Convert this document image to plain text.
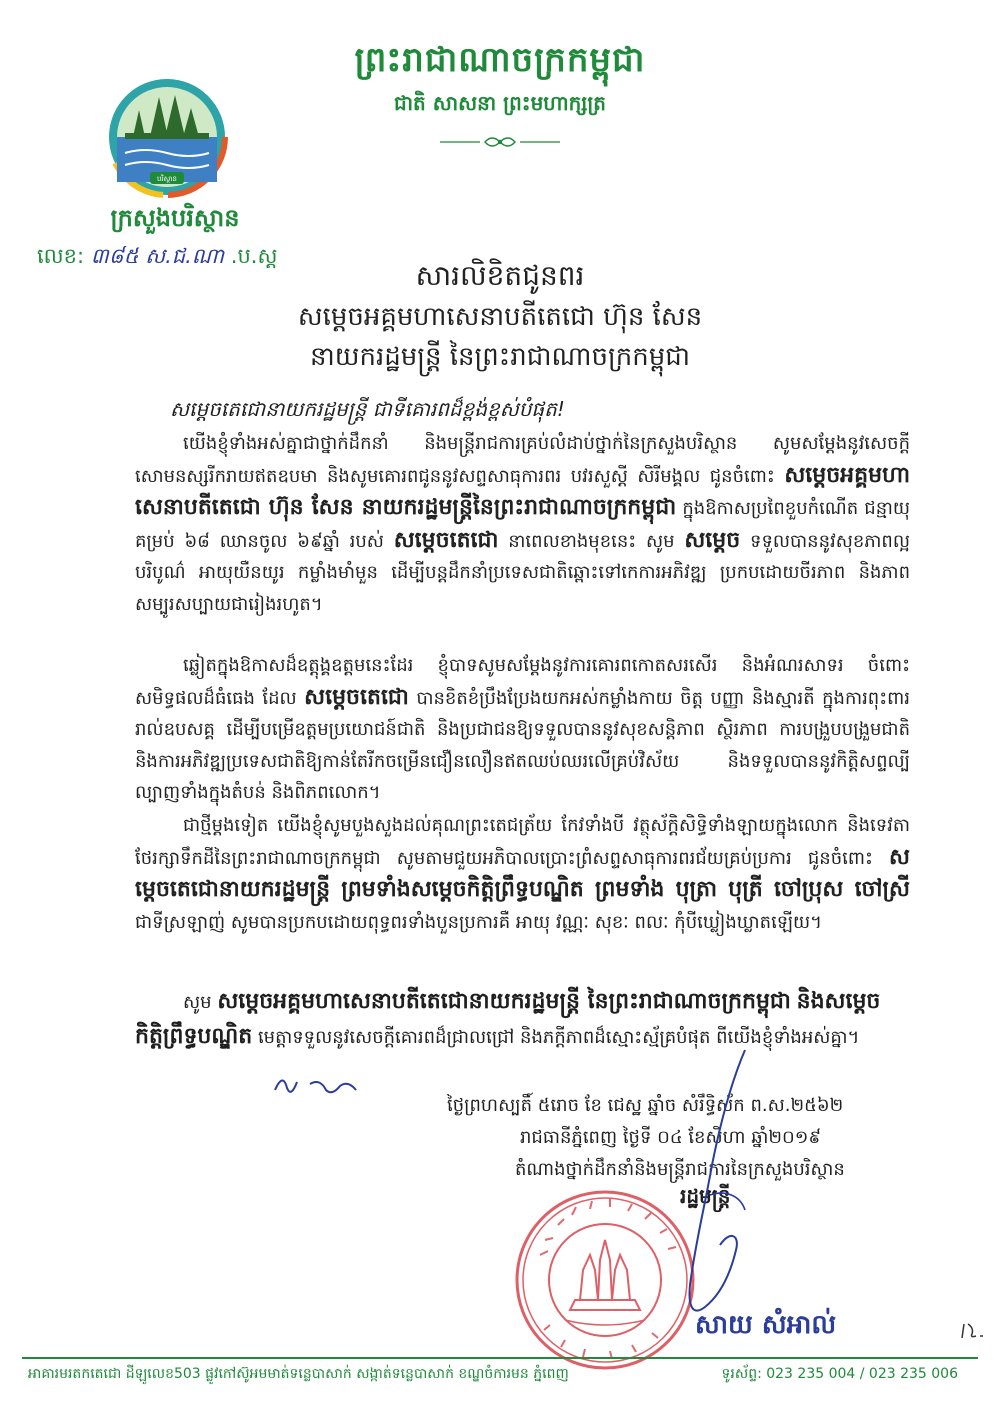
ព្រះរាជាណាចក្រកម្ពុជា
ជាតិ សាសនា ព្រះមហាក្សត្រ
បរិស្ថាន
ក្រសួងបរិស្ថាន
លេខ: ៣៨៥ ស.ជ.ណា .ប.ស្ត
សារលិខិតជូនពរ
សម្តេចអគ្គមហាសេនាបតីតេជោ ហ៊ុន សែន
នាយករដ្ឋមន្ត្រី នៃព្រះរាជាណាចក្រកម្ពុជា
សម្តេចតេជោនាយករដ្ឋមន្ត្រី ជាទីគោរពដ៏ខ្ពង់ខ្ពស់បំផុត!
យើងខ្ញុំទាំងអស់គ្នាជាថ្នាក់ដឹកនាំ និងមន្ត្រីរាជការគ្រប់លំដាប់ថ្នាក់នៃក្រសួងបរិស្ថាន សូមសម្តែងនូវសេចក្តីសោមនស្សរីករាយឥតឧបមា និងសូមគោរពជូននូវសព្ទសាធុការពរ បវរសួស្តី សិរីមង្គល ជូនចំពោះ សម្តេចអគ្គមហាសេនាបតីតេជោ ហ៊ុន សែន នាយករដ្ឋមន្ត្រីនៃព្រះរាជាណាចក្រកម្ពុជា ក្នុងឱកាសប្រពៃខួបកំណើត ជន្មាយុគម្រប់ ៦៨ ឈានចូល ៦៩ឆ្នាំ របស់ សម្តេចតេជោ នាពេលខាងមុខនេះ សូម សម្តេច ទទួលបាននូវសុខភាពល្អបរិបូណ៌ អាយុយឺនយូរ កម្លាំងមាំមួន ដើម្បីបន្តដឹកនាំប្រទេសជាតិឆ្ពោះទៅកេការអភិវឌ្ឍ ប្រកបដោយចីរភាព និងភាពសម្បូរសប្បាយជារៀងរហូត។
ឆ្លៀតក្នុងឱកាសដ៏ឧត្តុង្គឧត្តមនេះដែរ ខ្ញុំបាទសូមសម្តែងនូវការគោរពកោតសរសើរ និងអំណរសាទរ ចំពោះសមិទ្ធផលដ៏ធំធេង ដែល សម្តេចតេជោ បានខិតខំប្រឹងប្រែងយកអស់កម្លាំងកាយ ចិត្ត បញ្ញា និងស្មារតី ក្នុងការពុះពាររាល់ឧបសគ្គ ដើម្បីបម្រើឧត្តមប្រយោជន៍ជាតិ និងប្រជាជនឱ្យទទួលបាននូវសុខសន្តិភាព ស្ថិរភាព ការបង្រួបបង្រួមជាតិ និងការអភិវឌ្ឍប្រទេសជាតិឱ្យកាន់តែរីកចម្រើនជឿនលឿនឥតឈប់ឈរលើគ្រប់វិស័យ និងទទួលបាននូវកិត្តិសព្ទល្បីល្បាញទាំងក្នុងតំបន់ និងពិភពលោក។
ជាថ្មីម្តងទៀត យើងខ្ញុំសូមបួងសួងដល់គុណព្រះតេជត្រ័យ កែវទាំងបី វត្ថុស័ក្តិសិទ្ធិទាំងឡាយក្នុងលោក និងទេវតាថែរក្សាទឹកដីនៃព្រះរាជាណាចក្រកម្ពុជា សូមតាមជួយអភិបាលប្រោះព្រំសព្ទសាធុការពរជ័យគ្រប់ប្រការ ជូនចំពោះ សម្តេចតេជោនាយករដ្ឋមន្ត្រី ព្រមទាំងសម្តេចកិត្តិព្រឹទ្ធបណ្ឌិត ព្រមទាំង បុត្រា បុត្រី ចៅប្រុស ចៅស្រី ជាទីស្រឡាញ់ សូមបានប្រកបដោយពុទ្ធពរទាំងបួនប្រការគឺ អាយុ វណ្ណៈ សុខៈ ពលៈ កុំបីឃ្លៀងឃ្លាតឡើយ។
សូម សម្តេចអគ្គមហាសេនាបតីតេជោនាយករដ្ឋមន្ត្រី នៃព្រះរាជាណាចក្រកម្ពុជា និងសម្តេចកិត្តិព្រឹទ្ធបណ្ឌិត មេត្តាទទួលនូវសេចក្តីគោរពដ៏ជ្រាលជ្រៅ និងភក្តីភាពដ៏ស្មោះស្ម័គ្របំផុត ពីយើងខ្ញុំទាំងអស់គ្នា។
ថ្ងៃព្រហស្បតិ៍ ៥រោច ខែ ជេស្ឋ ឆ្នាំច សំរឹទ្ធិស័ក ព.ស.២៥៦២
រាជធានីភ្នំពេញ ថ្ងៃទី ០៤ ខែសីហា ឆ្នាំ២០១៩
តំណាងថ្នាក់ដឹកនាំនិងមន្ត្រីរាជការនៃក្រសួងបរិស្ថាន
រដ្ឋមន្ត្រី
សាយ សំអាល់
អាគារមរតកតេជោ ដីឡូលេខ503 ផ្លូវកៅស៊ូអមមាត់ទន្លេបាសាក់ សង្កាត់ទន្លេបាសាក់ ខណ្ឌចំការមន ភ្នំពេញ	ទូរស័ព្ទ: 023 235 004 / 023 235 006
